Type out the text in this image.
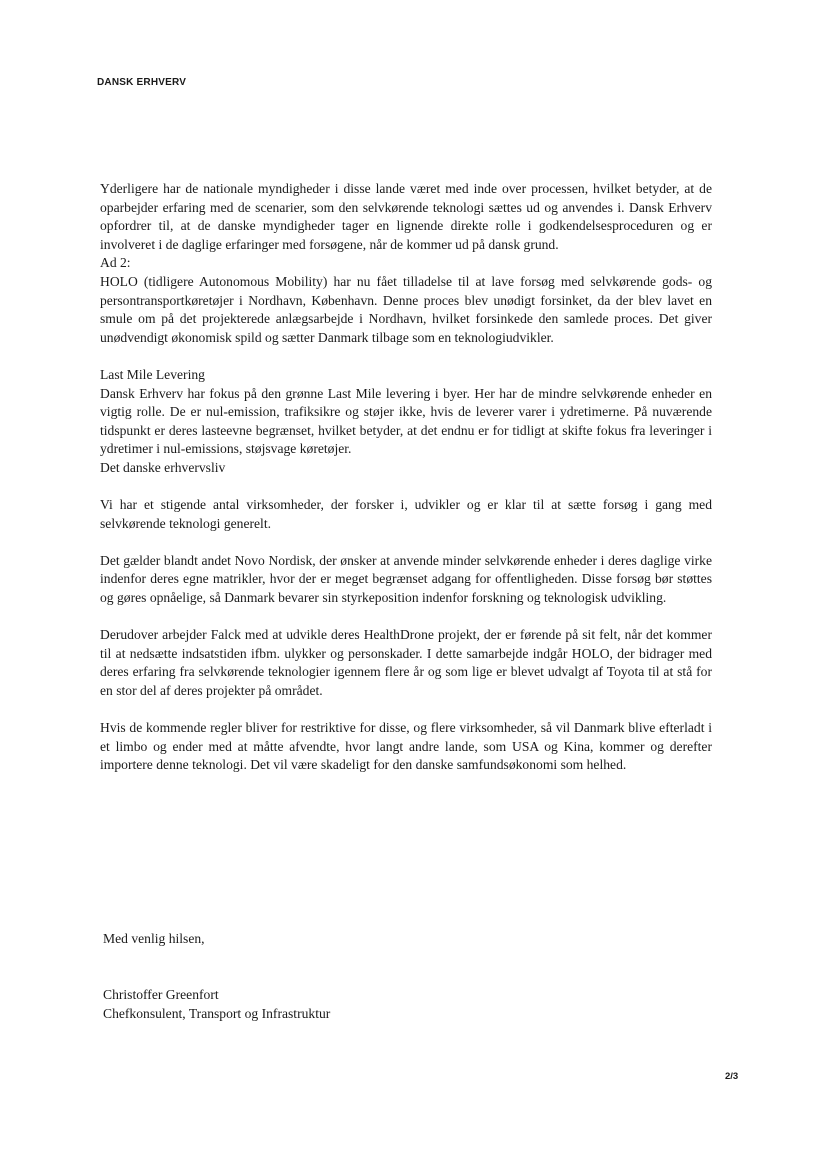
DANSK ERHVERV

Yderligere har de nationale myndigheder i disse lande været med inde over processen, hvilket betyder, at de oparbejder erfaring med de scenarier, som den selvkørende teknologi sættes ud og anvendes i. Dansk Erhverv opfordrer til, at de danske myndigheder tager en lignende direkte rolle i godkendelsesproceduren og er involveret i de daglige erfaringer med forsøgene, når de kommer ud på dansk grund.

Ad 2:

HOLO (tidligere Autonomous Mobility) har nu fået tilladelse til at lave forsøg med selvkørende gods- og persontransportkøretøjer i Nordhavn, København. Denne proces blev unødigt forsinket, da der blev lavet en smule om på det projekterede anlægsarbejde i Nordhavn, hvilket forsinkede den samlede proces. Det giver unødvendigt økonomisk spild og sætter Danmark tilbage som en teknologiudvikler.

Last Mile Levering

Dansk Erhverv har fokus på den grønne Last Mile levering i byer. Her har de mindre selvkørende enheder en vigtig rolle. De er nul-emission, trafiksikre og støjer ikke, hvis de leverer varer i ydretimerne. På nuværende tidspunkt er deres lasteevne begrænset, hvilket betyder, at det endnu er for tidligt at skifte fokus fra leveringer i ydretimer i nul-emissions, støjsvage køretøjer.

Det danske erhvervsliv

Vi har et stigende antal virksomheder, der forsker i, udvikler og er klar til at sætte forsøg i gang med selvkørende teknologi generelt.

Det gælder blandt andet Novo Nordisk, der ønsker at anvende minder selvkørende enheder i deres daglige virke indenfor deres egne matrikler, hvor der er meget begrænset adgang for offentligheden. Disse forsøg bør støttes og gøres opnåelige, så Danmark bevarer sin styrkeposition indenfor forskning og teknologisk udvikling.

Derudover arbejder Falck med at udvikle deres HealthDrone projekt, der er førende på sit felt, når det kommer til at nedsætte indsatstiden ifbm. ulykker og personskader. I dette samarbejde indgår HOLO, der bidrager med deres erfaring fra selvkørende teknologier igennem flere år og som lige er blevet udvalgt af Toyota til at stå for en stor del af deres projekter på området.

Hvis de kommende regler bliver for restriktive for disse, og flere virksomheder, så vil Danmark blive efterladt i et limbo og ender med at måtte afvendte, hvor langt andre lande, som USA og Kina, kommer og derefter importere denne teknologi. Det vil være skadeligt for den danske samfundsøkonomi som helhed.

Med venlig hilsen,
Christoffer Greenfort
Chefkonsulent, Transport og Infrastruktur
2/3
